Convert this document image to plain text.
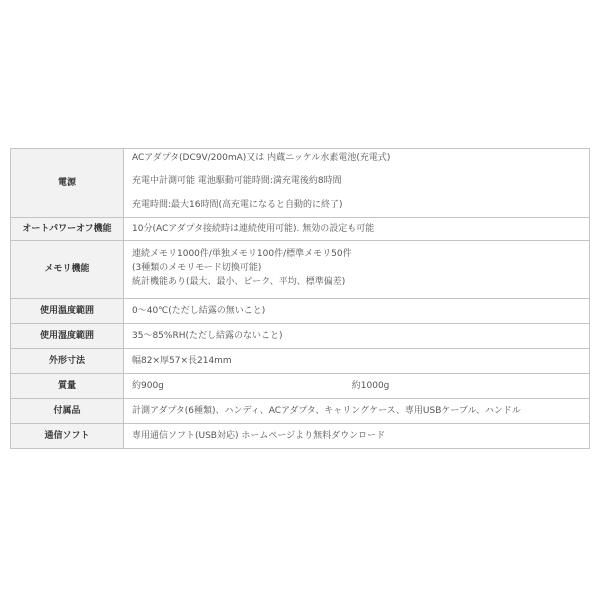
電源	ACアダプタ(DC9V/200mA)又は 内蔵ニッケル水素電池(充電式)
充電中計測可能 電池駆動可能時間:満充電後約8時間
充電時間:最大16時間(高充電になると自動的に終了)

オートパワーオフ機能	10分(ACアダプタ接続時は連続使用可能). 無効の設定も可能
メモリ機能	連続メモリ1000件/単独メモリ100件/標準メモリ50件
(3種類のメモリモード切換可能)
統計機能あり(最大、最小、ピーク、平均、標準偏差)

使用温度範囲	0～40℃(ただし結露の無いこと)
使用湿度範囲	35～85%RH(ただし結露のないこと)
外形寸法	幅82×厚57×長214mm
質量	約900g 約1000g
付属品	計測アダプタ(6種類)、ハンディ、ACアダプタ、キャリングケース、専用USBケーブル、ハンドル
通信ソフト	専用通信ソフト(USB対応) ホームページより無料ダウンロード
